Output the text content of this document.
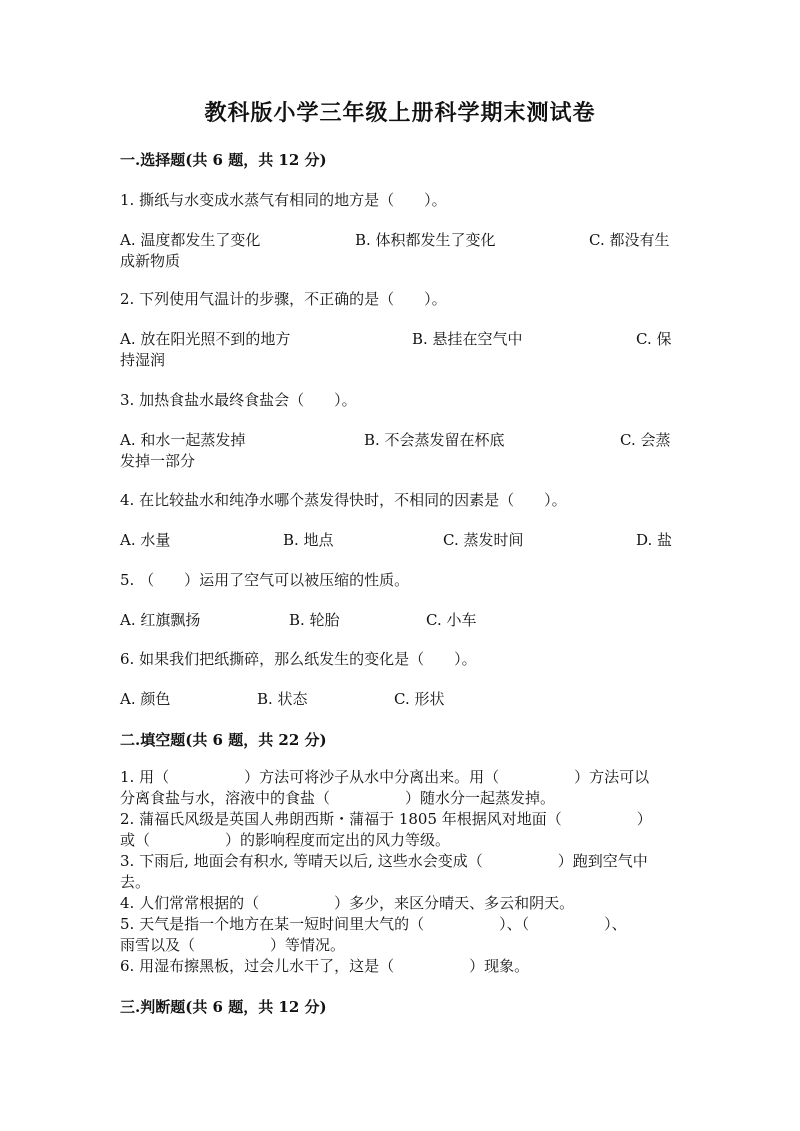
教科版小学三年级上册科学期末测试卷
一.选择题(共 6 题，共 12 分)
1. 撕纸与水变成水蒸气有相同的地方是（　　）。
A. 温度都发生了变化	B. 体积都发生了变化	C. 都没有生
成新物质
2. 下列使用气温计的步骤，不正确的是（　　）。
A. 放在阳光照不到的地方	B. 悬挂在空气中	C. 保
持湿润
3. 加热食盐水最终食盐会（　　）。
A. 和水一起蒸发掉	B. 不会蒸发留在杯底	C. 会蒸
发掉一部分
4. 在比较盐水和纯净水哪个蒸发得快时，不相同的因素是（　　）。
A. 水量	B. 地点	C. 蒸发时间	D. 盐
5. （　　）运用了空气可以被压缩的性质。
A. 红旗飘扬	B. 轮胎	C. 小车
6. 如果我们把纸撕碎，那么纸发生的变化是（　　）。
A. 颜色	B. 状态	C. 形状
二.填空题(共 6 题，共 22 分)
1. 用（　　　　　）方法可将沙子从水中分离出来。用（　　　　　）方法可以
分离食盐与水，溶液中的食盐（　　　　　）随水分一起蒸发掉。
2. 蒲福氏风级是英国人弗朗西斯・蒲福于 1805 年根据风对地面（　　　　　）
或（　　　　　）的影响程度而定出的风力等级。
3. 下雨后, 地面会有积水, 等晴天以后, 这些水会变成（　　　　　）跑到空气中
去。
4. 人们常常根据的（　　　　　）多少，来区分晴天、多云和阴天。
5. 天气是指一个地方在某一短时间里大气的（　　　　　）、（　　　　　）、
雨雪以及（　　　　　）等情况。
6. 用湿布擦黑板，过会儿水干了，这是（　　　　　）现象。
三.判断题(共 6 题，共 12 分)
